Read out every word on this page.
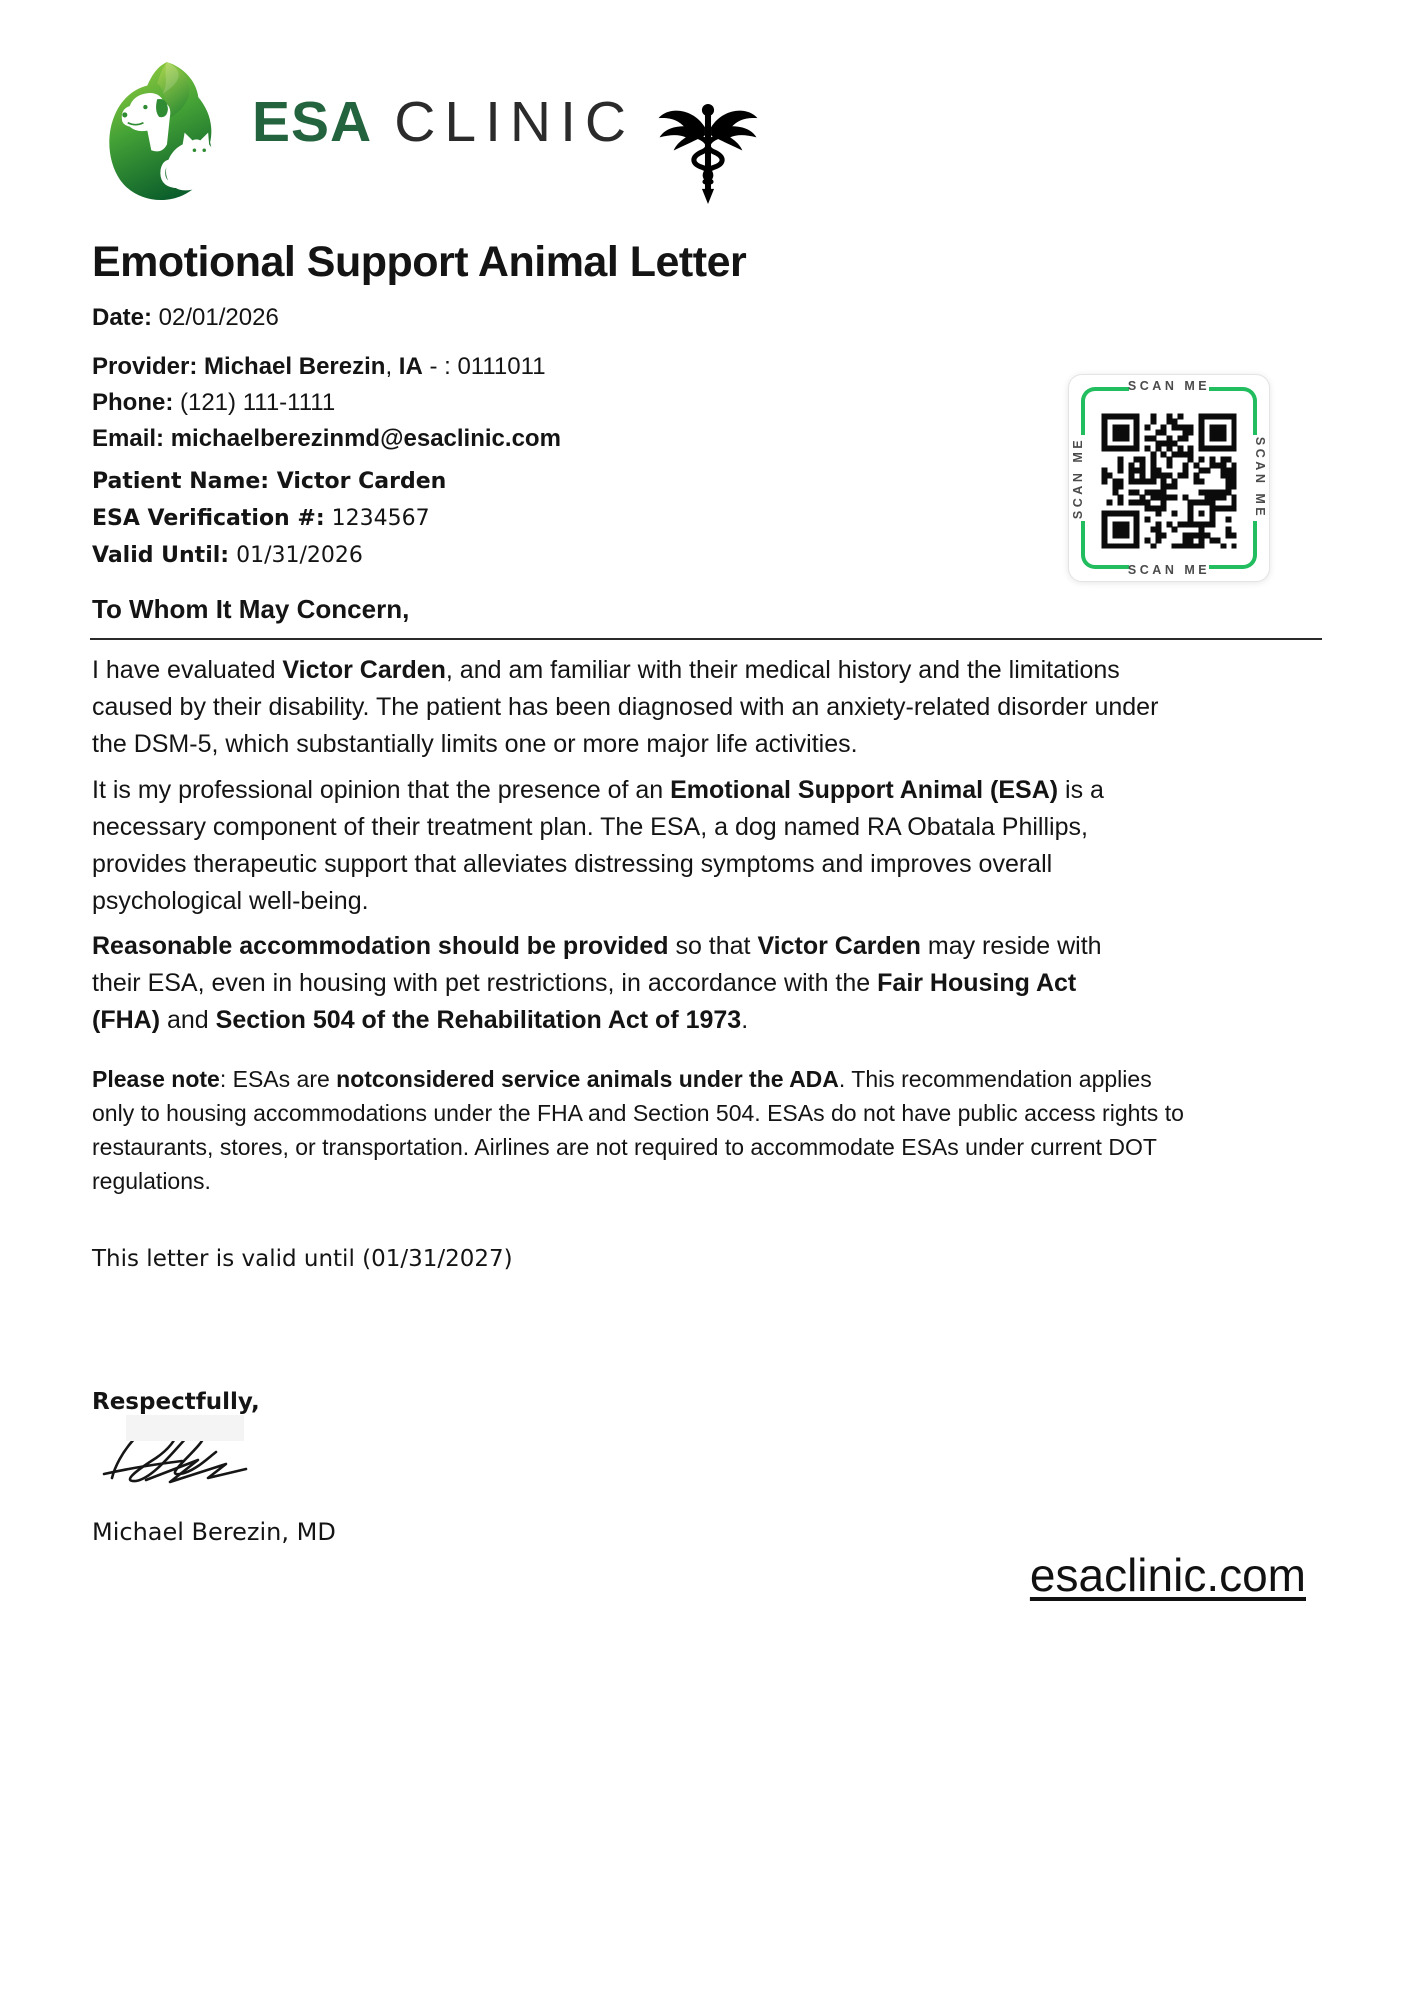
ESA CLINIC
Emotional Support Animal Letter
Date: 02/01/2026
Provider: Michael Berezin, IA - : 0111011
Phone: (121) 111-1111
Email: michaelberezinmd@esaclinic.com
Patient Name: Victor Carden
ESA Verification #: 1234567
Valid Until: 01/31/2026
To Whom It May Concern,
I have evaluated Victor Carden, and am familiar with their medical history and the limitations
caused by their disability. The patient has been diagnosed with an anxiety-related disorder under
the DSM-5, which substantially limits one or more major life activities.
It is my professional opinion that the presence of an Emotional Support Animal (ESA) is a
necessary component of their treatment plan. The ESA, a dog named RA Obatala Phillips,
provides therapeutic support that alleviates distressing symptoms and improves overall
psychological well-being.
Reasonable accommodation should be provided so that Victor Carden may reside with
their ESA, even in housing with pet restrictions, in accordance with the Fair Housing Act
(FHA) and Section 504 of the Rehabilitation Act of 1973.
Please note: ESAs are notconsidered service animals under the ADA. This recommendation applies
only to housing accommodations under the FHA and Section 504. ESAs do not have public access rights to
restaurants, stores, or transportation. Airlines are not required to accommodate ESAs under current DOT
regulations.
This letter is valid until (01/31/2027)
Respectfully,
Michael Berezin, MD
esaclinic.com
SCAN ME
SCAN ME
SCAN ME	SCAN ME
